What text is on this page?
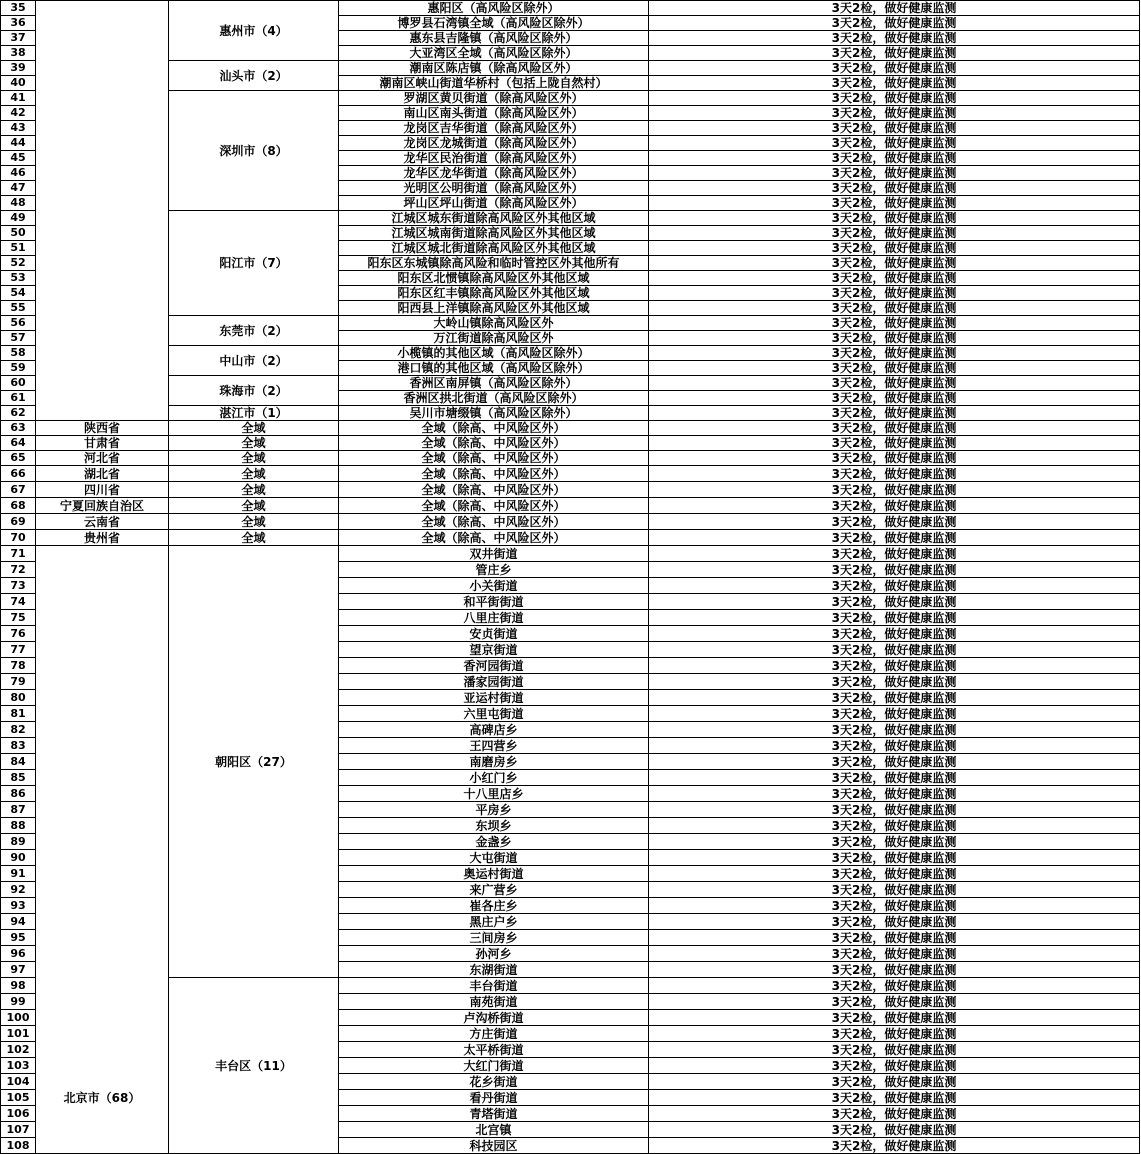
35		惠州市（4）	惠阳区（高风险区除外）	3天2检，做好健康监测
36			博罗县石湾镇全域（高风险区除外）	3天2检，做好健康监测
37			惠东县吉隆镇（高风险区除外）	3天2检，做好健康监测
38			大亚湾区全域（高风险区除外）	3天2检，做好健康监测
39		汕头市（2）	潮南区陈店镇（除高风险区外）	3天2检，做好健康监测
40			潮南区峡山街道华桥村（包括上陇自然村）	3天2检，做好健康监测
41		深圳市（8）	罗湖区黄贝街道（除高风险区外）	3天2检，做好健康监测
42			南山区南头街道（除高风险区外）	3天2检，做好健康监测
43			龙岗区吉华街道（除高风险区外）	3天2检，做好健康监测
44			龙岗区龙城街道（除高风险区外）	3天2检，做好健康监测
45			龙华区民治街道（除高风险区外）	3天2检，做好健康监测
46			龙华区龙华街道（除高风险区外）	3天2检，做好健康监测
47			光明区公明街道（除高风险区外）	3天2检，做好健康监测
48			坪山区坪山街道（除高风险区外）	3天2检，做好健康监测
49		阳江市（7）	江城区城东街道除高风险区外其他区域	3天2检，做好健康监测
50			江城区城南街道除高风险区外其他区域	3天2检，做好健康监测
51			江城区城北街道除高风险区外其他区域	3天2检，做好健康监测
52			阳东区东城镇除高风险和临时管控区外其他所有	3天2检，做好健康监测
53			阳东区北惯镇除高风险区外其他区域	3天2检，做好健康监测
54			阳东区红丰镇除高风险区外其他区域	3天2检，做好健康监测
55			阳西县上洋镇除高风险区外其他区域	3天2检，做好健康监测
56		东莞市（2）	大岭山镇除高风险区外	3天2检，做好健康监测
57			万江街道除高风险区外	3天2检，做好健康监测
58		中山市（2）	小榄镇的其他区域（高风险区除外）	3天2检，做好健康监测
59			港口镇的其他区域（高风险区除外）	3天2检，做好健康监测
60		珠海市（2）	香洲区南屏镇（高风险区除外）	3天2检，做好健康监测
61			香洲区拱北街道（高风险区除外）	3天2检，做好健康监测
62		湛江市（1）	吴川市塘缀镇（高风险区除外）	3天2检，做好健康监测
63	陕西省	全域	全域（除高、中风险区外）	3天2检，做好健康监测
64	甘肃省	全域	全域（除高、中风险区外）	3天2检，做好健康监测
65	河北省	全域	全域（除高、中风险区外）	3天2检，做好健康监测
66	湖北省	全域	全域（除高、中风险区外）	3天2检，做好健康监测
67	四川省	全域	全域（除高、中风险区外）	3天2检，做好健康监测
68	宁夏回族自治区	全域	全域（除高、中风险区外）	3天2检，做好健康监测
69	云南省	全域	全域（除高、中风险区外）	3天2检，做好健康监测
70	贵州省	全域	全域（除高、中风险区外）	3天2检，做好健康监测
71	北京市（68）	朝阳区（27）	双井街道	3天2检，做好健康监测
72			管庄乡	3天2检，做好健康监测
73			小关街道	3天2检，做好健康监测
74			和平街街道	3天2检，做好健康监测
75			八里庄街道	3天2检，做好健康监测
76			安贞街道	3天2检，做好健康监测
77			望京街道	3天2检，做好健康监测
78			香河园街道	3天2检，做好健康监测
79			潘家园街道	3天2检，做好健康监测
80			亚运村街道	3天2检，做好健康监测
81			六里屯街道	3天2检，做好健康监测
82			高碑店乡	3天2检，做好健康监测
83			王四营乡	3天2检，做好健康监测
84			南磨房乡	3天2检，做好健康监测
85			小红门乡	3天2检，做好健康监测
86			十八里店乡	3天2检，做好健康监测
87			平房乡	3天2检，做好健康监测
88			东坝乡	3天2检，做好健康监测
89			金盏乡	3天2检，做好健康监测
90			大屯街道	3天2检，做好健康监测
91			奥运村街道	3天2检，做好健康监测
92			来广营乡	3天2检，做好健康监测
93			崔各庄乡	3天2检，做好健康监测
94			黑庄户乡	3天2检，做好健康监测
95			三间房乡	3天2检，做好健康监测
96			孙河乡	3天2检，做好健康监测
97			东湖街道	3天2检，做好健康监测
98		丰台区（11）	丰台街道	3天2检，做好健康监测
99			南苑街道	3天2检，做好健康监测
100			卢沟桥街道	3天2检，做好健康监测
101			方庄街道	3天2检，做好健康监测
102			太平桥街道	3天2检，做好健康监测
103			大红门街道	3天2检，做好健康监测
104			花乡街道	3天2检，做好健康监测
105			看丹街道	3天2检，做好健康监测
106			青塔街道	3天2检，做好健康监测
107			北宫镇	3天2检，做好健康监测
108			科技园区	3天2检，做好健康监测
